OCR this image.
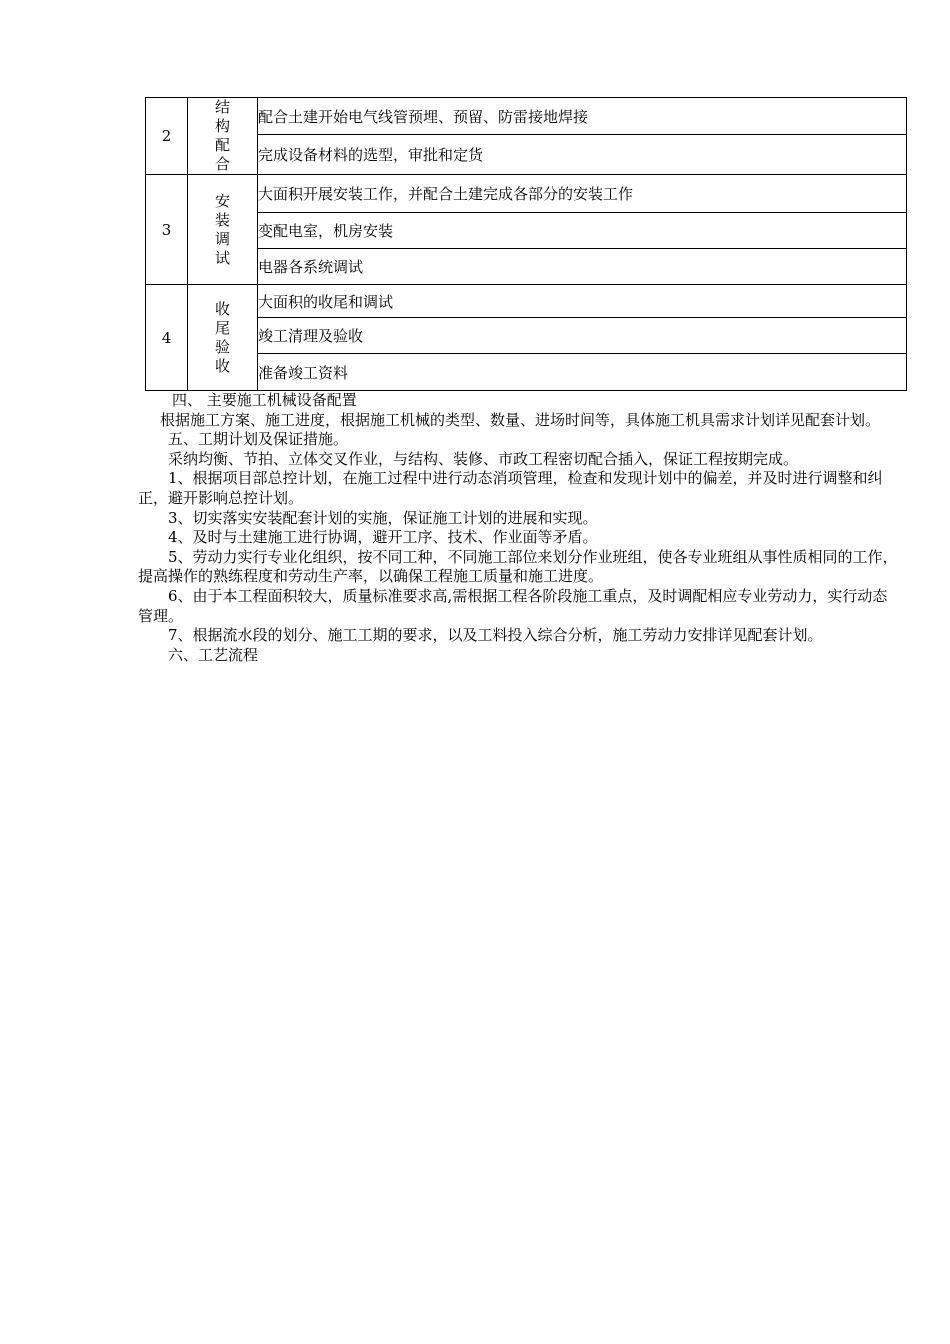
2	结构配合	配合土建开始电气线管预埋、预留、防雷接地焊接
		完成设备材料的选型，审批和定货
3	安装调试	大面积开展安装工作，并配合土建完成各部分的安装工作
		变配电室，机房安装
		电器各系统调试
4	收尾验收	大面积的收尾和调试
		竣工清理及验收
		准备竣工资料

四、 主要施工机械设备配置

根据施工方案、施工进度，根据施工机械的类型、数量、进场时间等，具体施工机具需求计划详见配套计划。

五、工期计划及保证措施。

采纳均衡、节拍、立体交叉作业，与结构、装修、市政工程密切配合插入，保证工程按期完成。

1、根据项目部总控计划，在施工过程中进行动态消项管理，检查和发现计划中的偏差，并及时进行调整和纠正，避开影响总控计划。

3、切实落实安装配套计划的实施，保证施工计划的进展和实现。

4、及时与土建施工进行协调，避开工序、技术、作业面等矛盾。

5、劳动力实行专业化组织，按不同工种，不同施工部位来划分作业班组，使各专业班组从事性质相同的工作，提高操作的熟练程度和劳动生产率，以确保工程施工质量和施工进度。

6、由于本工程面积较大，质量标准要求高,需根据工程各阶段施工重点，及时调配相应专业劳动力，实行动态管理。

7、根据流水段的划分、施工工期的要求，以及工料投入综合分析，施工劳动力安排详见配套计划。

六、工艺流程
